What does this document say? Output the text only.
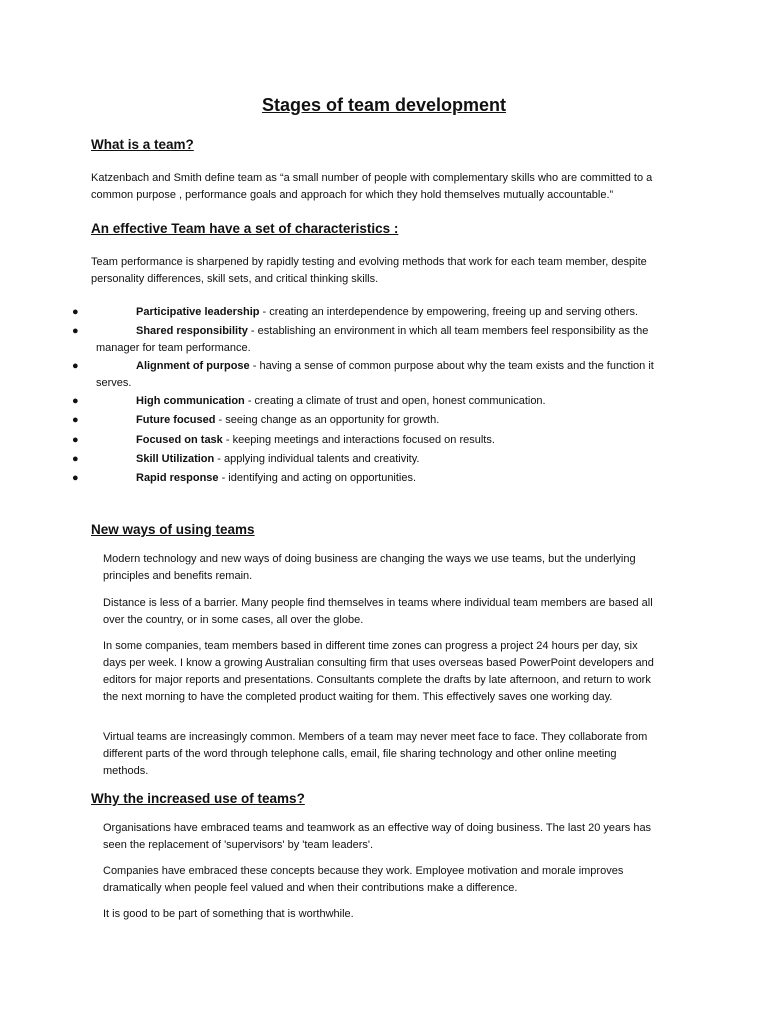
Stages of team development
What is a team?

Katzenbach and Smith define team as “a small number of people with complementary skills who are committed to a common purpose , performance goals and approach for which they hold themselves mutually accountable.”

An effective Team have a set of characteristics :

Team performance is sharpened by rapidly testing and evolving methods that work for each team member, despite personality differences, skill sets, and critical thinking skills.

●	Participative leadership - creating an interdependence by empowering, freeing up and serving others.
●	Shared responsibility - establishing an environment in which all team members feel responsibility as the manager for team performance.
●	Alignment of purpose - having a sense of common purpose about why the team exists and the function it serves.
●	High communication - creating a climate of trust and open, honest communication.
●	Future focused - seeing change as an opportunity for growth.
●	Focused on task - keeping meetings and interactions focused on results.
●	Skill Utilization - applying individual talents and creativity.
●	Rapid response - identifying and acting on opportunities.
New ways of using teams

Modern technology and new ways of doing business are changing the ways we use teams, but the underlying principles and benefits remain.

Distance is less of a barrier. Many people find themselves in teams where individual team members are based all over the country, or in some cases, all over the globe.

In some companies, team members based in different time zones can progress a project 24 hours per day, six days per week. I know a growing Australian consulting firm that uses overseas based PowerPoint developers and editors for major reports and presentations. Consultants complete the drafts by late afternoon, and return to work the next morning to have the completed product waiting for them. This effectively saves one working day.

Virtual teams are increasingly common. Members of a team may never meet face to face. They collaborate from different parts of the word through telephone calls, email, file sharing technology and other online meeting methods.

Why the increased use of teams?

Organisations have embraced teams and teamwork as an effective way of doing business. The last 20 years has seen the replacement of 'supervisors' by 'team leaders'.

Companies have embraced these concepts because they work. Employee motivation and morale improves dramatically when people feel valued and when their contributions make a difference.

It is good to be part of something that is worthwhile.
